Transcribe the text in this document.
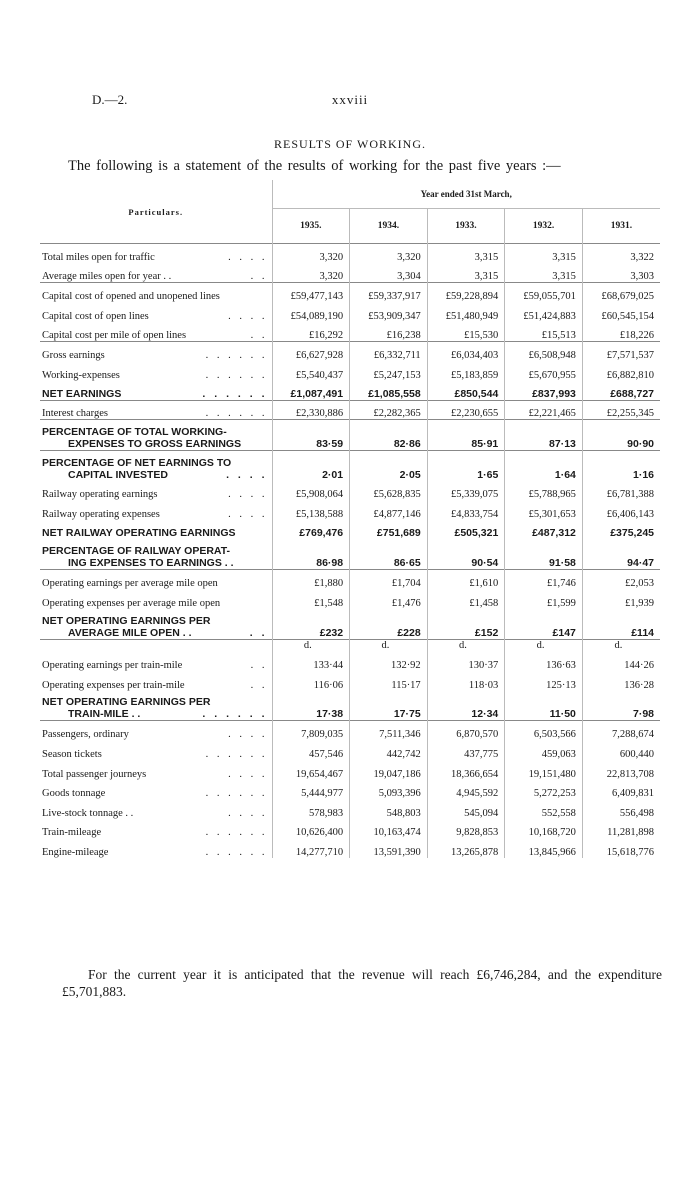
D.—2.	xxviii
RESULTS OF WORKING.
The following is a statement of the results of working for the past five years :—
Particulars.	Year ended 31st March,				
	1935.	1934.	1933.	1932.	1931.

. . . .
Total miles open for traffic	3,320	3,320	3,315	3,315	3,322

. .
Average miles open for year . .	3,320	3,304	3,315	3,315	3,303
Capital cost of opened and unopened lines	£59,477,143	£59,337,917	£59,228,894	£59,055,701	£68,679,025

. . . .
Capital cost of open lines	£54,089,190	£53,909,347	£51,480,949	£51,424,883	£60,545,154

. .
Capital cost per mile of open lines	£16,292	£16,238	£15,530	£15,513	£18,226

. . . . . .
Gross earnings	£6,627,928	£6,332,711	£6,034,403	£6,508,948	£7,571,537

. . . . . .
Working-expenses	£5,540,437	£5,247,153	£5,183,859	£5,670,955	£6,882,810

. . . . . .
NET EARNINGS	£1,087,491	£1,085,558	£850,544	£837,993	£688,727

. . . . . .
Interest charges	£2,330,886	£2,282,365	£2,230,655	£2,221,465	£2,255,345

PERCENTAGE OF TOTAL WORKING-
EXPENSES TO GROSS EARNINGS	83·59	82·86	85·91	87·13	90·90

PERCENTAGE OF NET EARNINGS TO
. . . .
CAPITAL INVESTED	2·01	2·05	1·65	1·64	1·16

. . . .
Railway operating earnings	£5,908,064	£5,628,835	£5,339,075	£5,788,965	£6,781,388

. . . .
Railway operating expenses	£5,138,588	£4,877,146	£4,833,754	£5,301,653	£6,406,143
NET RAILWAY OPERATING EARNINGS	£769,476	£751,689	£505,321	£487,312	£375,245

PERCENTAGE OF RAILWAY OPERAT-
ING EXPENSES TO EARNINGS . .	86·98	86·65	90·54	91·58	94·47
Operating earnings per average mile open	£1,880	£1,704	£1,610	£1,746	£2,053
Operating expenses per average mile open	£1,548	£1,476	£1,458	£1,599	£1,939

NET OPERATING EARNINGS PER
. .
AVERAGE MILE OPEN . .	£232	£228	£152	£147	£114
	d.	d.	d.	d.	d.

. .
Operating earnings per train-mile	133·44	132·92	130·37	136·63	144·26

. .
Operating expenses per train-mile	116·06	115·17	118·03	125·13	136·28

NET OPERATING EARNINGS PER
. . . . . .
TRAIN-MILE . .	17·38	17·75	12·34	11·50	7·98

. . . .
Passengers, ordinary	7,809,035	7,511,346	6,870,570	6,503,566	7,288,674

. . . . . .
Season tickets	457,546	442,742	437,775	459,063	600,440

. . . .
Total passenger journeys	19,654,467	19,047,186	18,366,654	19,151,480	22,813,708

. . . . . .
Goods tonnage	5,444,977	5,093,396	4,945,592	5,272,253	6,409,831

. . . .
Live-stock tonnage . .	578,983	548,803	545,094	552,558	556,498

. . . . . .
Train-mileage	10,626,400	10,163,474	9,828,853	10,168,720	11,281,898

. . . . . .
Engine-mileage	14,277,710	13,591,390	13,265,878	13,845,966	15,618,776
For the current year it is anticipated that the revenue will reach £6,746,284, and the expenditure £5,701,883.
